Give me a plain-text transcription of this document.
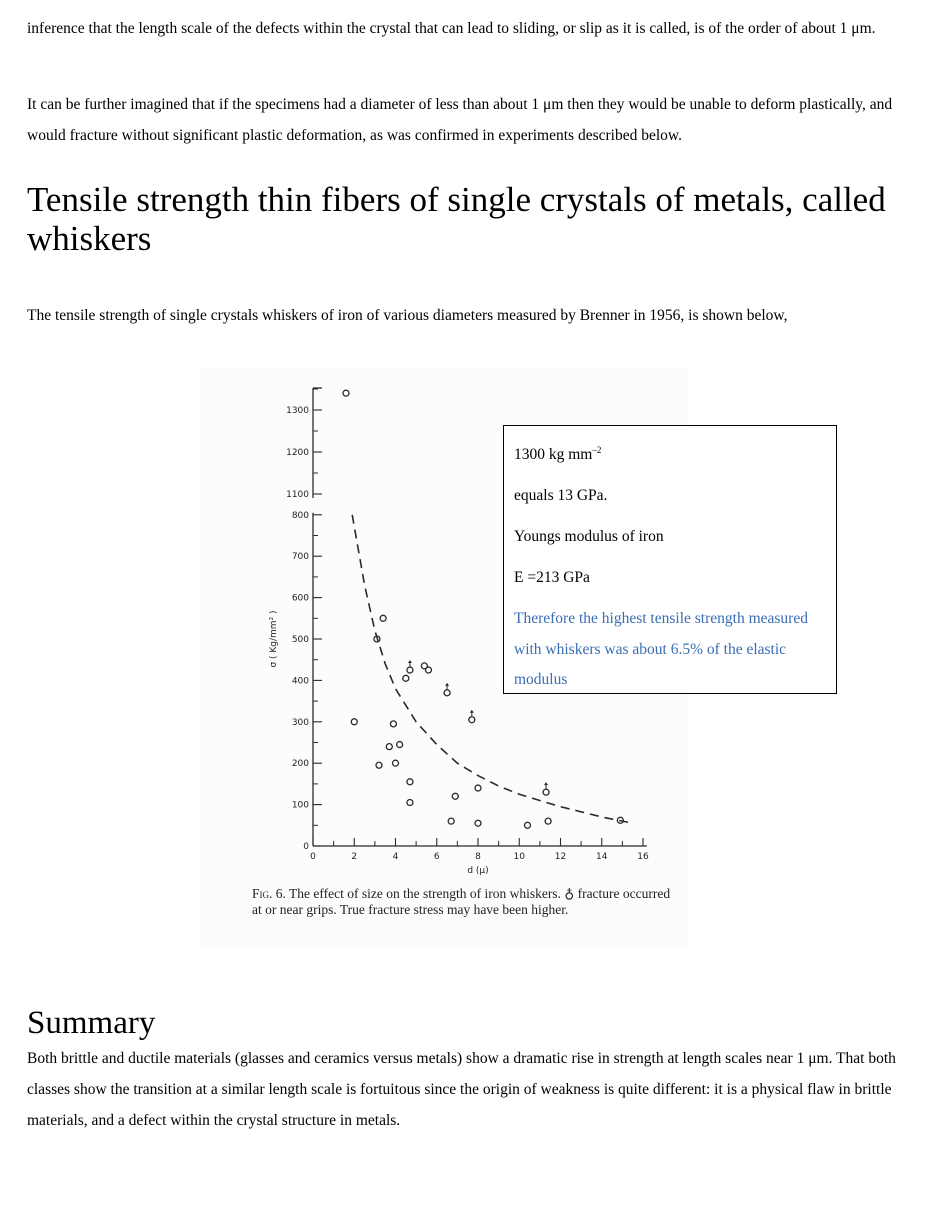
inference that the length scale of the defects within the crystal that can lead to sliding, or slip as it is called, is of the order of about 1 μm.

It can be further imagined that if the specimens had a diameter of less than about 1 μm then they would be unable to deform plastically, and would fracture without significant plastic deformation, as was confirmed in experiments described below.

Tensile strength thin fibers of single crystals of metals, called whiskers

The tensile strength of single crystals whiskers of iron of various diameters measured by Brenner in 1956, is shown below,

0	2	4	6	8	10	12	14	16
d (μ)
0
100
200
300
400
500
600
700
800
1100
1200
1300
σ ( Kg/mm² )
Fig. 6. The effect of size on the strength of iron whiskers. ♁ fracture occurred at or near grips. True fracture stress may have been higher.

1300 kg $mm^{-2}$

equals 13 GPa.

Youngs modulus of iron

E =213 GPa

Therefore the highest tensile strength measured with whiskers was about 6.5% of the elastic modulus

Summary

Both brittle and ductile materials (glasses and ceramics versus metals) show a dramatic rise in strength at length scales near 1 μm. That both classes show the transition at a similar length scale is fortuitous since the origin of weakness is quite different: it is a physical flaw in brittle materials, and a defect within the crystal structure in metals.
